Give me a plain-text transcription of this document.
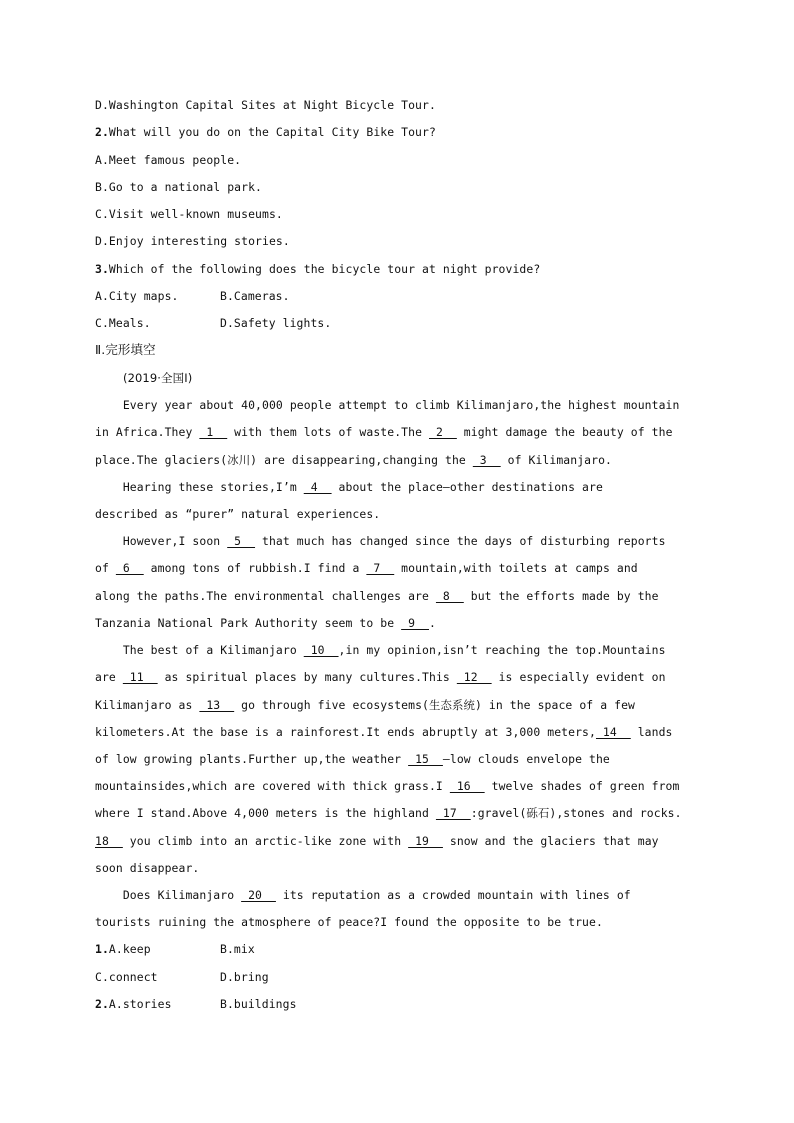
D.Washington Capital Sites at Night Bicycle Tour.
2.What will you do on the Capital City Bike Tour?
A.Meet famous people.
B.Go to a national park.
C.Visit well-known museums.
D.Enjoy interesting stories.
3.Which of the following does the bicycle tour at night provide?
A.City maps.	B.Cameras.
C.Meals.	D.Safety lights.
Ⅱ.完形填空
(2019·全国Ⅰ)
Every year about 40,000 people attempt to climb Kilimanjaro,the highest mountain
in Africa.They  1   with them lots of waste.The  2   might damage the beauty of the
place.The glaciers(冰川) are disappearing,changing the  3   of Kilimanjaro.
Hearing these stories,I’m  4   about the place—other destinations are
described as “purer” natural experiences.
However,I soon  5   that much has changed since the days of disturbing reports
of  6   among tons of rubbish.I find a  7   mountain,with toilets at camps and
along the paths.The environmental challenges are  8   but the efforts made by the
Tanzania National Park Authority seem to be  9  .
The best of a Kilimanjaro  10  ,in my opinion,isn’t reaching the top.Mountains
are  11   as spiritual places by many cultures.This  12   is especially evident on
Kilimanjaro as  13   go through five ecosystems(生态系统) in the space of a few
kilometers.At the base is a rainforest.It ends abruptly at 3,000 meters, 14   lands
of low growing plants.Further up,the weather  15  —low clouds envelope the
mountainsides,which are covered with thick grass.I  16   twelve shades of green from
where I stand.Above 4,000 meters is the highland  17  :gravel(砾石),stones and rocks.
18   you climb into an arctic-like zone with  19   snow and the glaciers that may
soon disappear.
Does Kilimanjaro  20   its reputation as a crowded mountain with lines of
tourists ruining the atmosphere of peace?I found the opposite to be true.
1.A.keep	B.mix
C.connect	D.bring
2.A.stories	B.buildings
